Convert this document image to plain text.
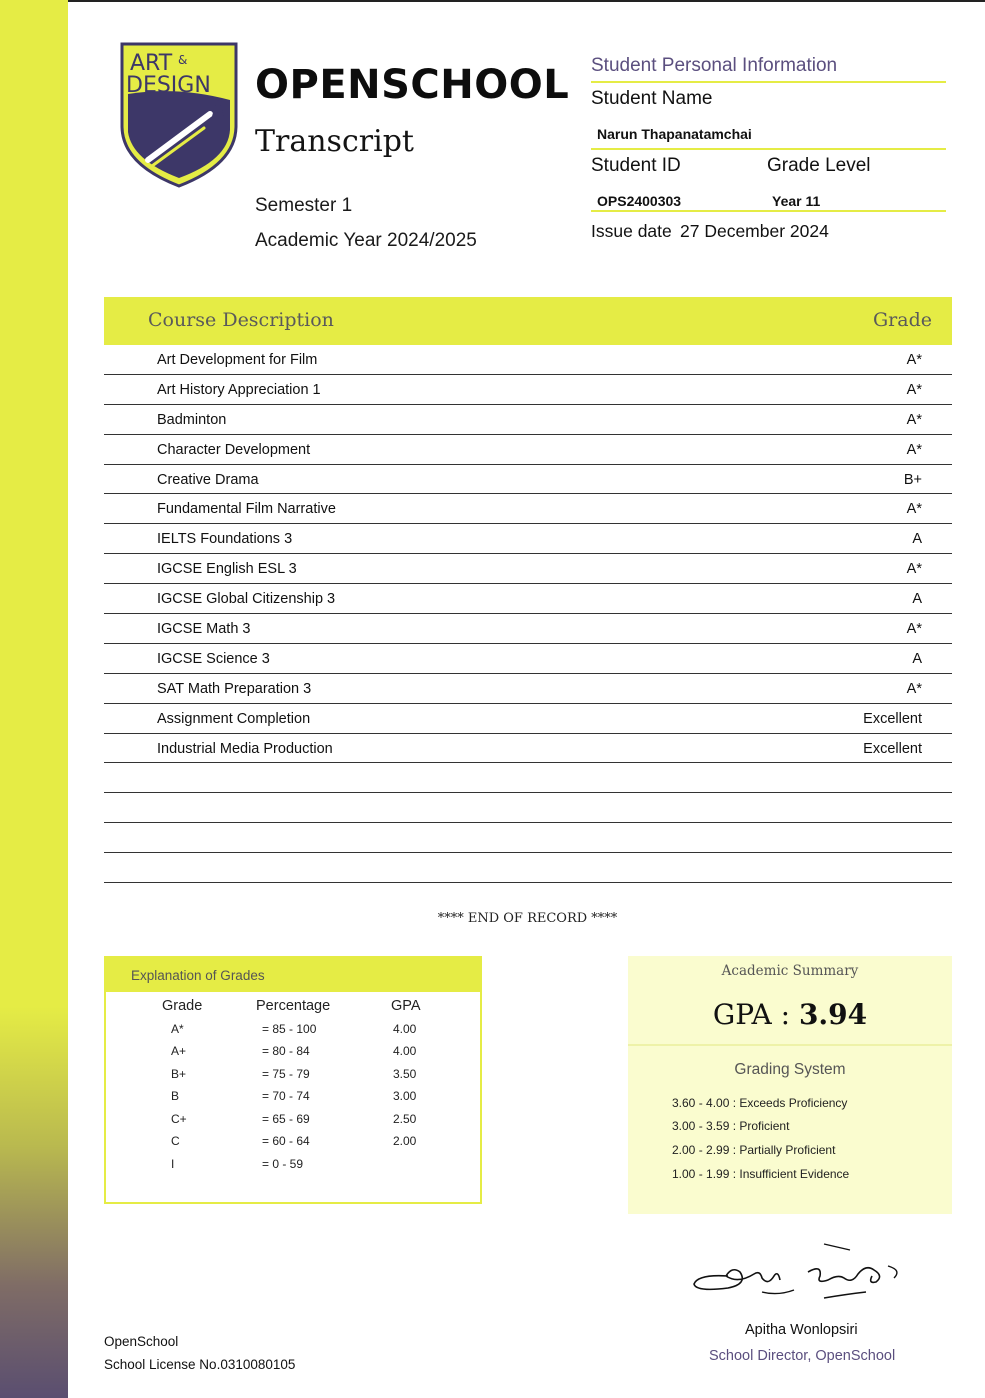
ART &
DESIGN OPENSCHOOL
Transcript
Semester 1
Academic Year 2024/2025
Student Personal Information
Student Name
Narun Thapanatamchai
Student ID	Grade Level
OPS2400303	Year 11
Issue date 27 December 2024
Course Description	Grade
Art Development for Film	A*
Art History Appreciation 1	A*
Badminton	A*
Character Development	A*
Creative Drama	B+
Fundamental Film Narrative	A*
IELTS Foundations 3	A
IGCSE English ESL 3	A*
IGCSE Global Citizenship 3	A
IGCSE Math 3	A*
IGCSE Science 3	A
SAT Math Preparation 3	A*
Assignment Completion	Excellent
Industrial Media Production	Excellent
**** END OF RECORD ****
Explanation of Grades
Grade	Percentage	GPA
A*	= 85 - 100	4.00
A+	= 80 - 84	4.00
B+	= 75 - 79	3.50
B	= 70 - 74	3.00
C+	= 65 - 69	2.50
C	= 60 - 64	2.00
I	= 0 - 59
Academic Summary
GPA : 3.94
Grading System
3.60 - 4.00 : Exceeds Proficiency
3.00 - 3.59 : Proficient
2.00 - 2.99 : Partially Proficient
1.00 - 1.99 : Insufficient Evidence
Apitha Wonlopsiri
School Director, OpenSchool
OpenSchool
School License No.0310080105
